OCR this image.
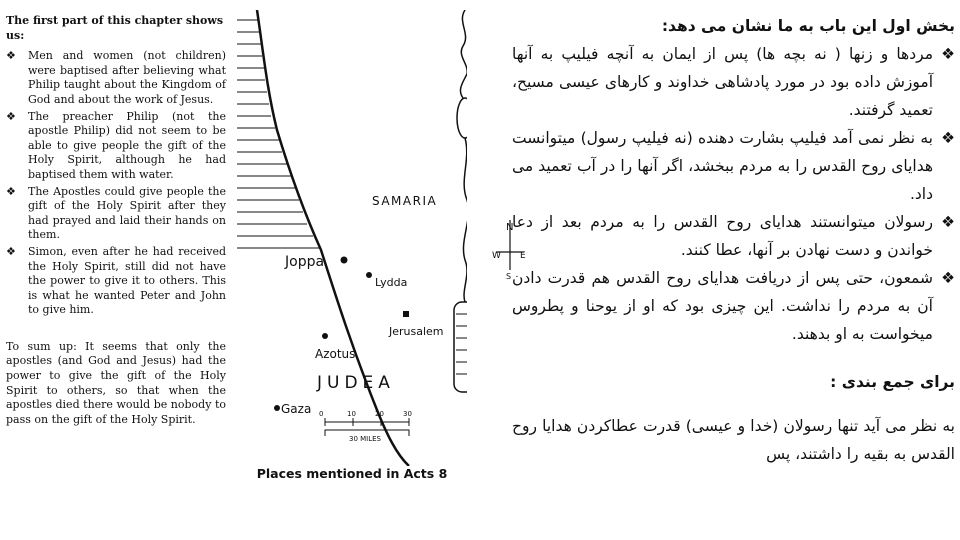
The first part of this chapter shows us:

❖ Men and women (not children) were baptised after believing what Philip taught about the Kingdom of God and about the work of Jesus.
❖ The preacher Philip (not the apostle Philip) did not seem to be able to give people the gift of the Holy Spirit, although he had baptised them with water.
❖ The Apostles could give people the gift of the Holy Spirit after they had prayed and laid their hands on them.
❖ Simon, even after he had received the Holy Spirit, still did not have the power to give it to others. This is what he wanted Peter and John to give him.

To sum up: It seems that only the apostles (and God and Jesus) had the power to give the gift of the Holy Spirit to others, so that when the apostles died there would be nobody to pass on the gift of the Holy Spirit.

SAMARIA
JUDEA
Joppa
Lydda
Jerusalem
Azotus
Gaza 0	10	20	30
30 MILES
N
W E
S
Places mentioned in Acts 8

بخش اول این باب به ما نشان می دهد:

❖
مردها و زنها ( نه بچه ها) پس از ایمان به آنچه فیلیپ به آنها آموزش داده بود در مورد پادشاهی خداوند و کارهای عیسی مسیح، تعمید گرفتند.
❖
به نظر نمی آمد فیلیپ بشارت دهنده (نه فیلیپ رسول) میتوانست هدایای روح القدس را به مردم ببخشد، اگر آنها را در آب تعمید می داد.
❖
رسولان میتوانستند هدایای روح القدس را به مردم بعد از دعا خواندن و دست نهادن بر آنها، عطا کنند.
❖
شمعون، حتی پس از دریافت هدایای روح القدس هم قدرت دادن آن به مردم را نداشت. این چیزی بود که او از یوحنا و پطروس میخواست به او بدهند.

برای جمع بندی :

به نظر می آید تنها رسولان (خدا و عیسی) قدرت عطاکردن هدایا روح القدس به بقیه را داشتند، پس
